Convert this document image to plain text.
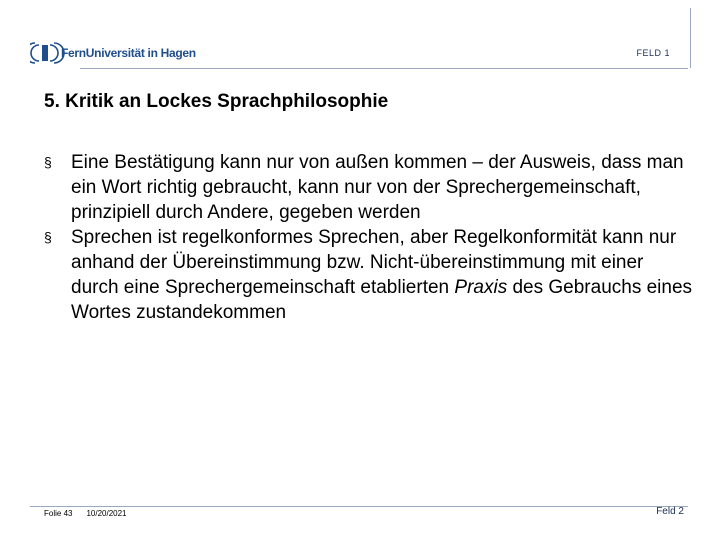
FernUniversität in Hagen	FELD 1
5. Kritik an Lockes Sprachphilosophie
§	Eine Bestätigung kann nur von außen kommen – der Ausweis, dass man ein Wort richtig gebraucht, kann nur von der Sprechergemeinschaft, prinzipiell durch Andere, gegeben werden
§	Sprechen ist regelkonformes Sprechen, aber Regelkonformität kann nur anhand der Übereinstimmung bzw. Nicht-übereinstimmung mit einer durch eine Sprechergemeinschaft etablierten Praxis des Gebrauchs eines Wortes zustandekommen
Folie 43 10/20/2021	Feld 2
